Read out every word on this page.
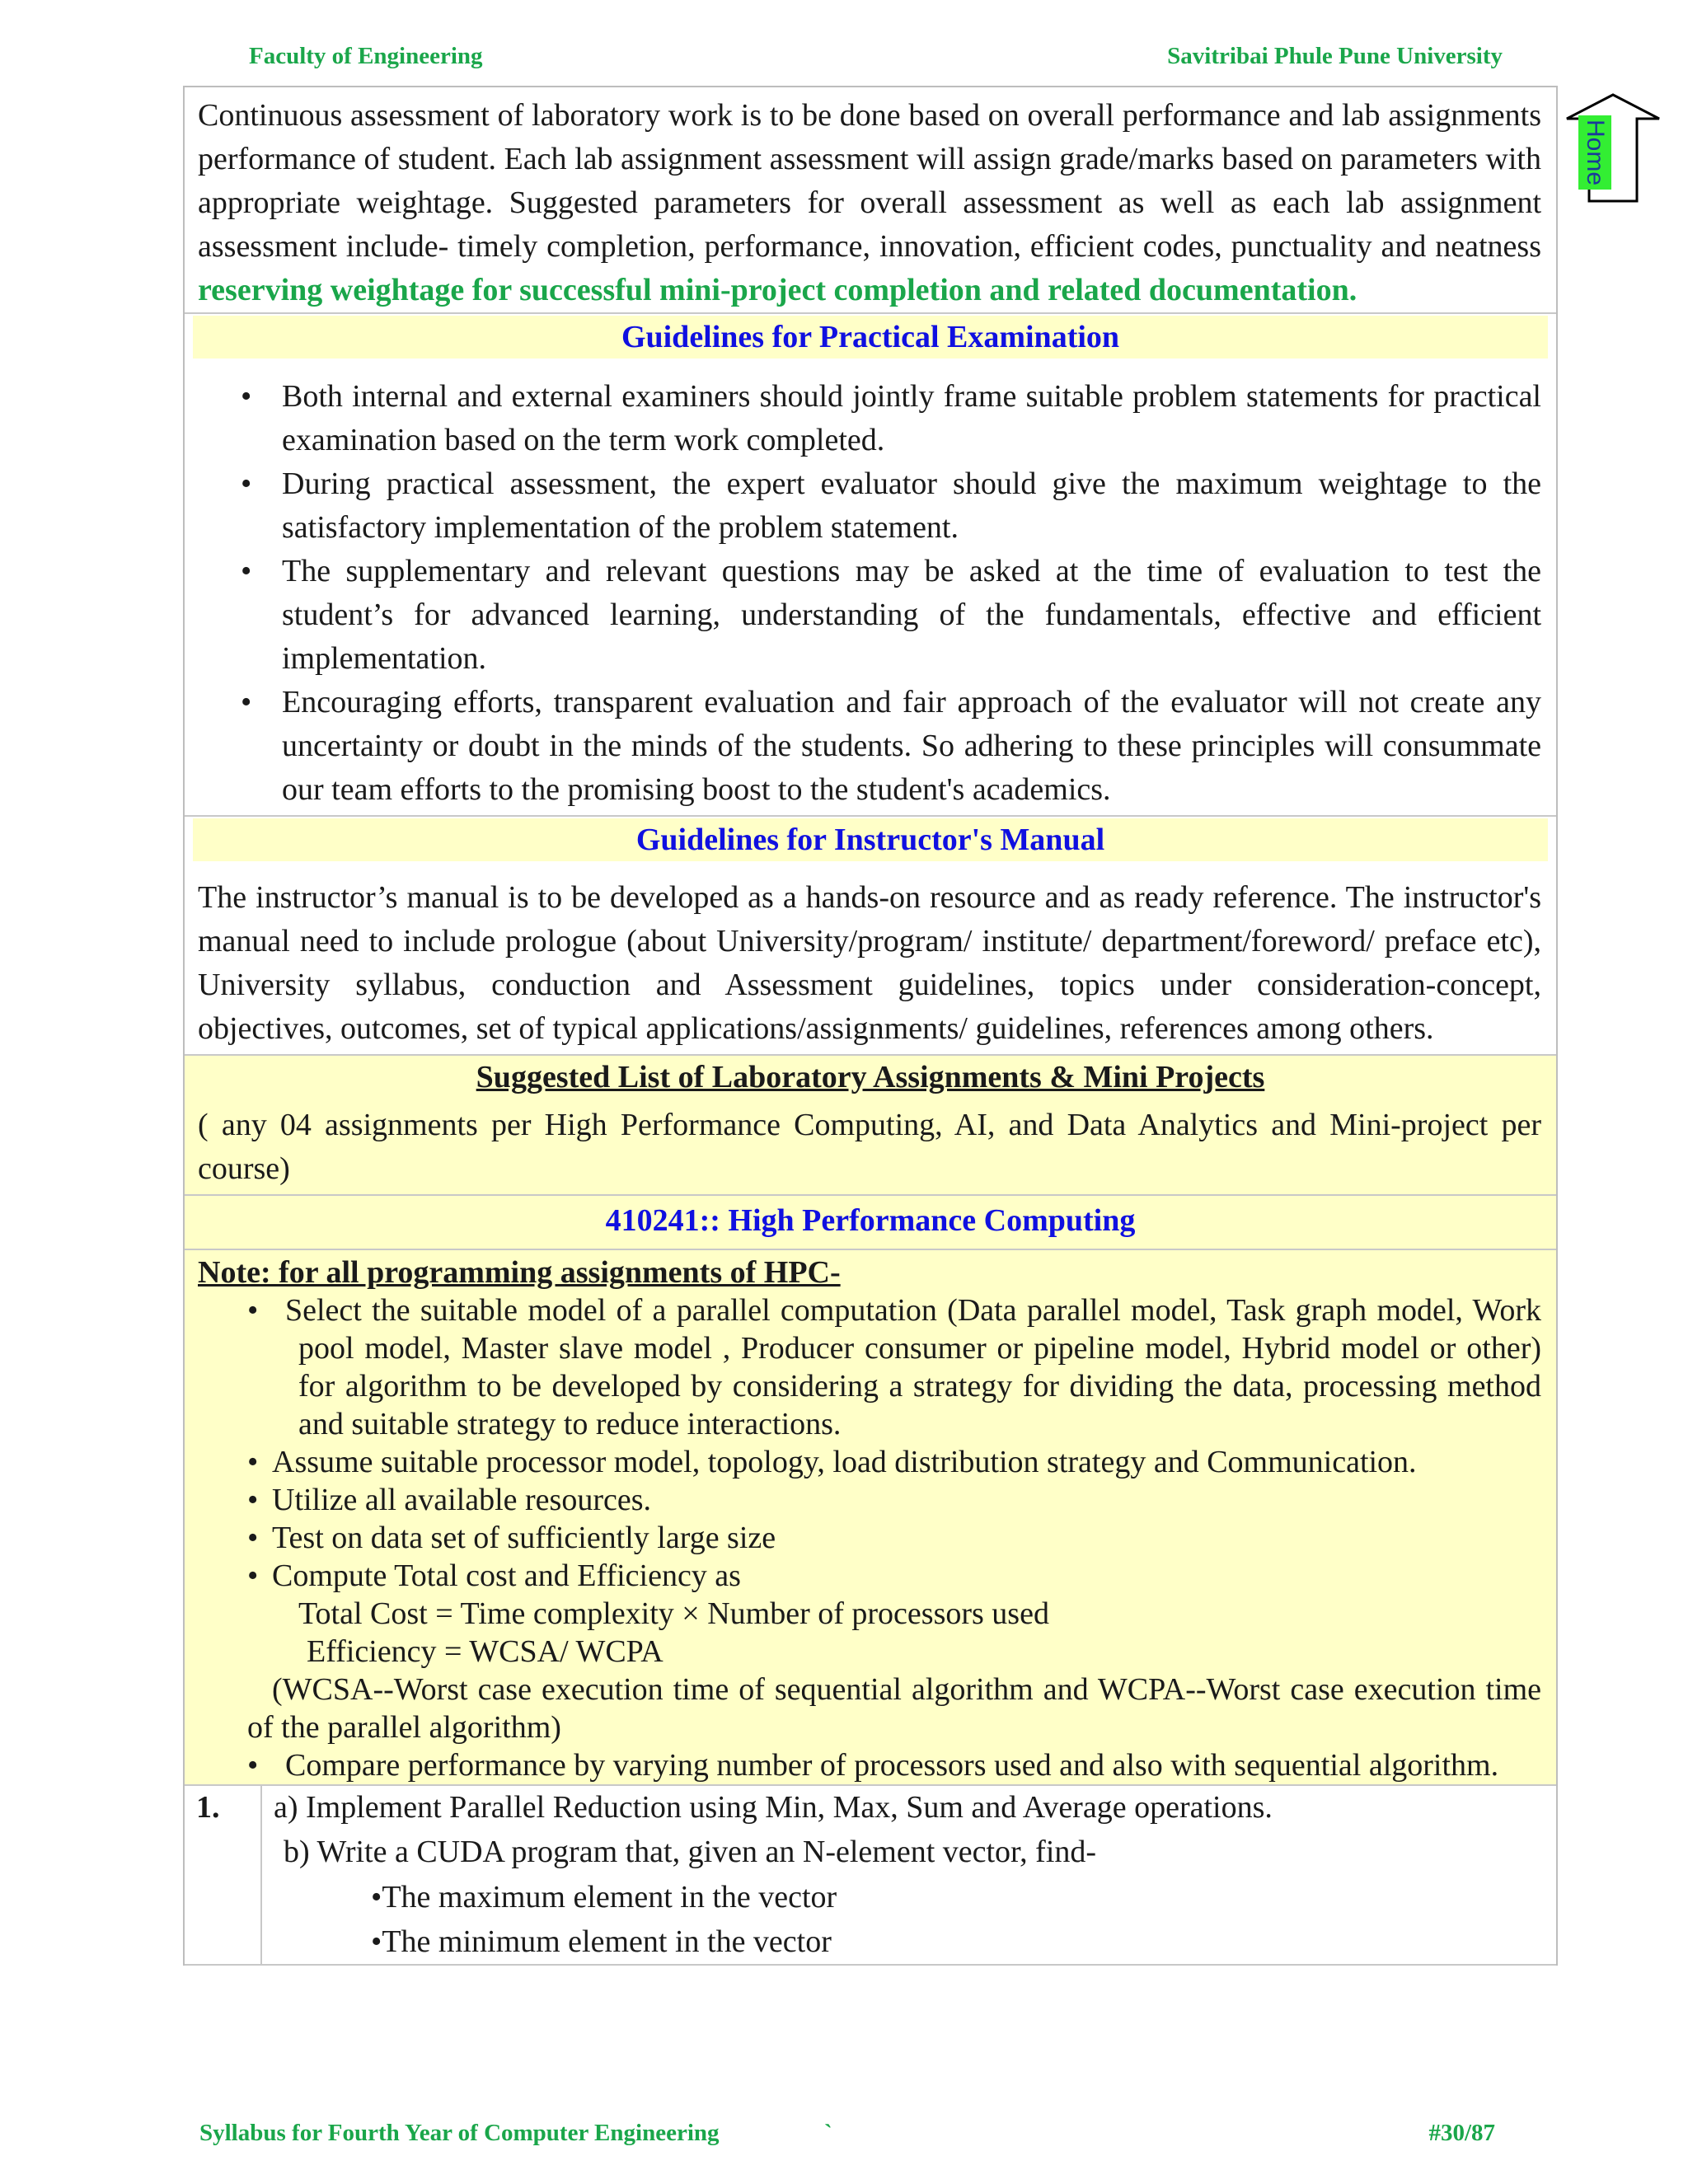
Faculty of Engineering	Savitribai Phule Pune University
Continuous assessment of laboratory work is to be done based on overall performance and lab assignments performance of student. Each lab assignment assessment will assign grade/marks based on parameters with appropriate weightage. Suggested parameters for overall assessment as well as each lab assignment assessment include- timely completion, performance, innovation, efficient codes, punctuality and neatness reserving weightage for successful mini-project completion and related documentation.
Guidelines for Practical Examination
• Both internal and external examiners should jointly frame suitable problem statements for practical examination based on the term work completed.
• During practical assessment, the expert evaluator should give the maximum weightage to the satisfactory implementation of the problem statement.
• The supplementary and relevant questions may be asked at the time of evaluation to test the student’s for advanced learning, understanding of the fundamentals, effective and efficient implementation.
• Encouraging efforts, transparent evaluation and fair approach of the evaluator will not create any uncertainty or doubt in the minds of the students. So adhering to these principles will consummate our team efforts to the promising boost to the student's academics.
Guidelines for Instructor's Manual
The instructor’s manual is to be developed as a hands-on resource and as ready reference. The instructor's manual need to include prologue (about University/program/ institute/ department/foreword/ preface etc), University syllabus, conduction and Assessment guidelines, topics under consideration-concept, objectives, outcomes, set of typical applications/assignments/ guidelines, references among others.
Suggested List of Laboratory Assignments & Mini Projects
( any 04 assignments per High Performance Computing, AI, and Data Analytics and Mini-project per course)
410241:: High Performance Computing
Note: for all programming assignments of HPC-
• Select the suitable model of a parallel computation (Data parallel model, Task graph model, Work pool model, Master slave model , Producer consumer or pipeline model, Hybrid model or other) for algorithm to be developed by considering a strategy for dividing the data, processing method and suitable strategy to reduce interactions.
• Assume suitable processor model, topology, load distribution strategy and Communication.
• Utilize all available resources.
• Test on data set of sufficiently large size
• Compute Total cost and Efficiency as
Total Cost = Time complexity × Number of processors used
Efficiency = WCSA/ WCPA
(WCSA--Worst case execution time of sequential algorithm and WCPA--Worst case execution time of the parallel algorithm)
• Compare performance by varying number of processors used and also with sequential algorithm.
1.	a) Implement Parallel Reduction using Min, Max, Sum and Average operations.
b) Write a CUDA program that, given an N-element vector, find-
•The maximum element in the vector
•The minimum element in the vector
Home
Syllabus for Fourth Year of Computer Engineering	`	#30/87
